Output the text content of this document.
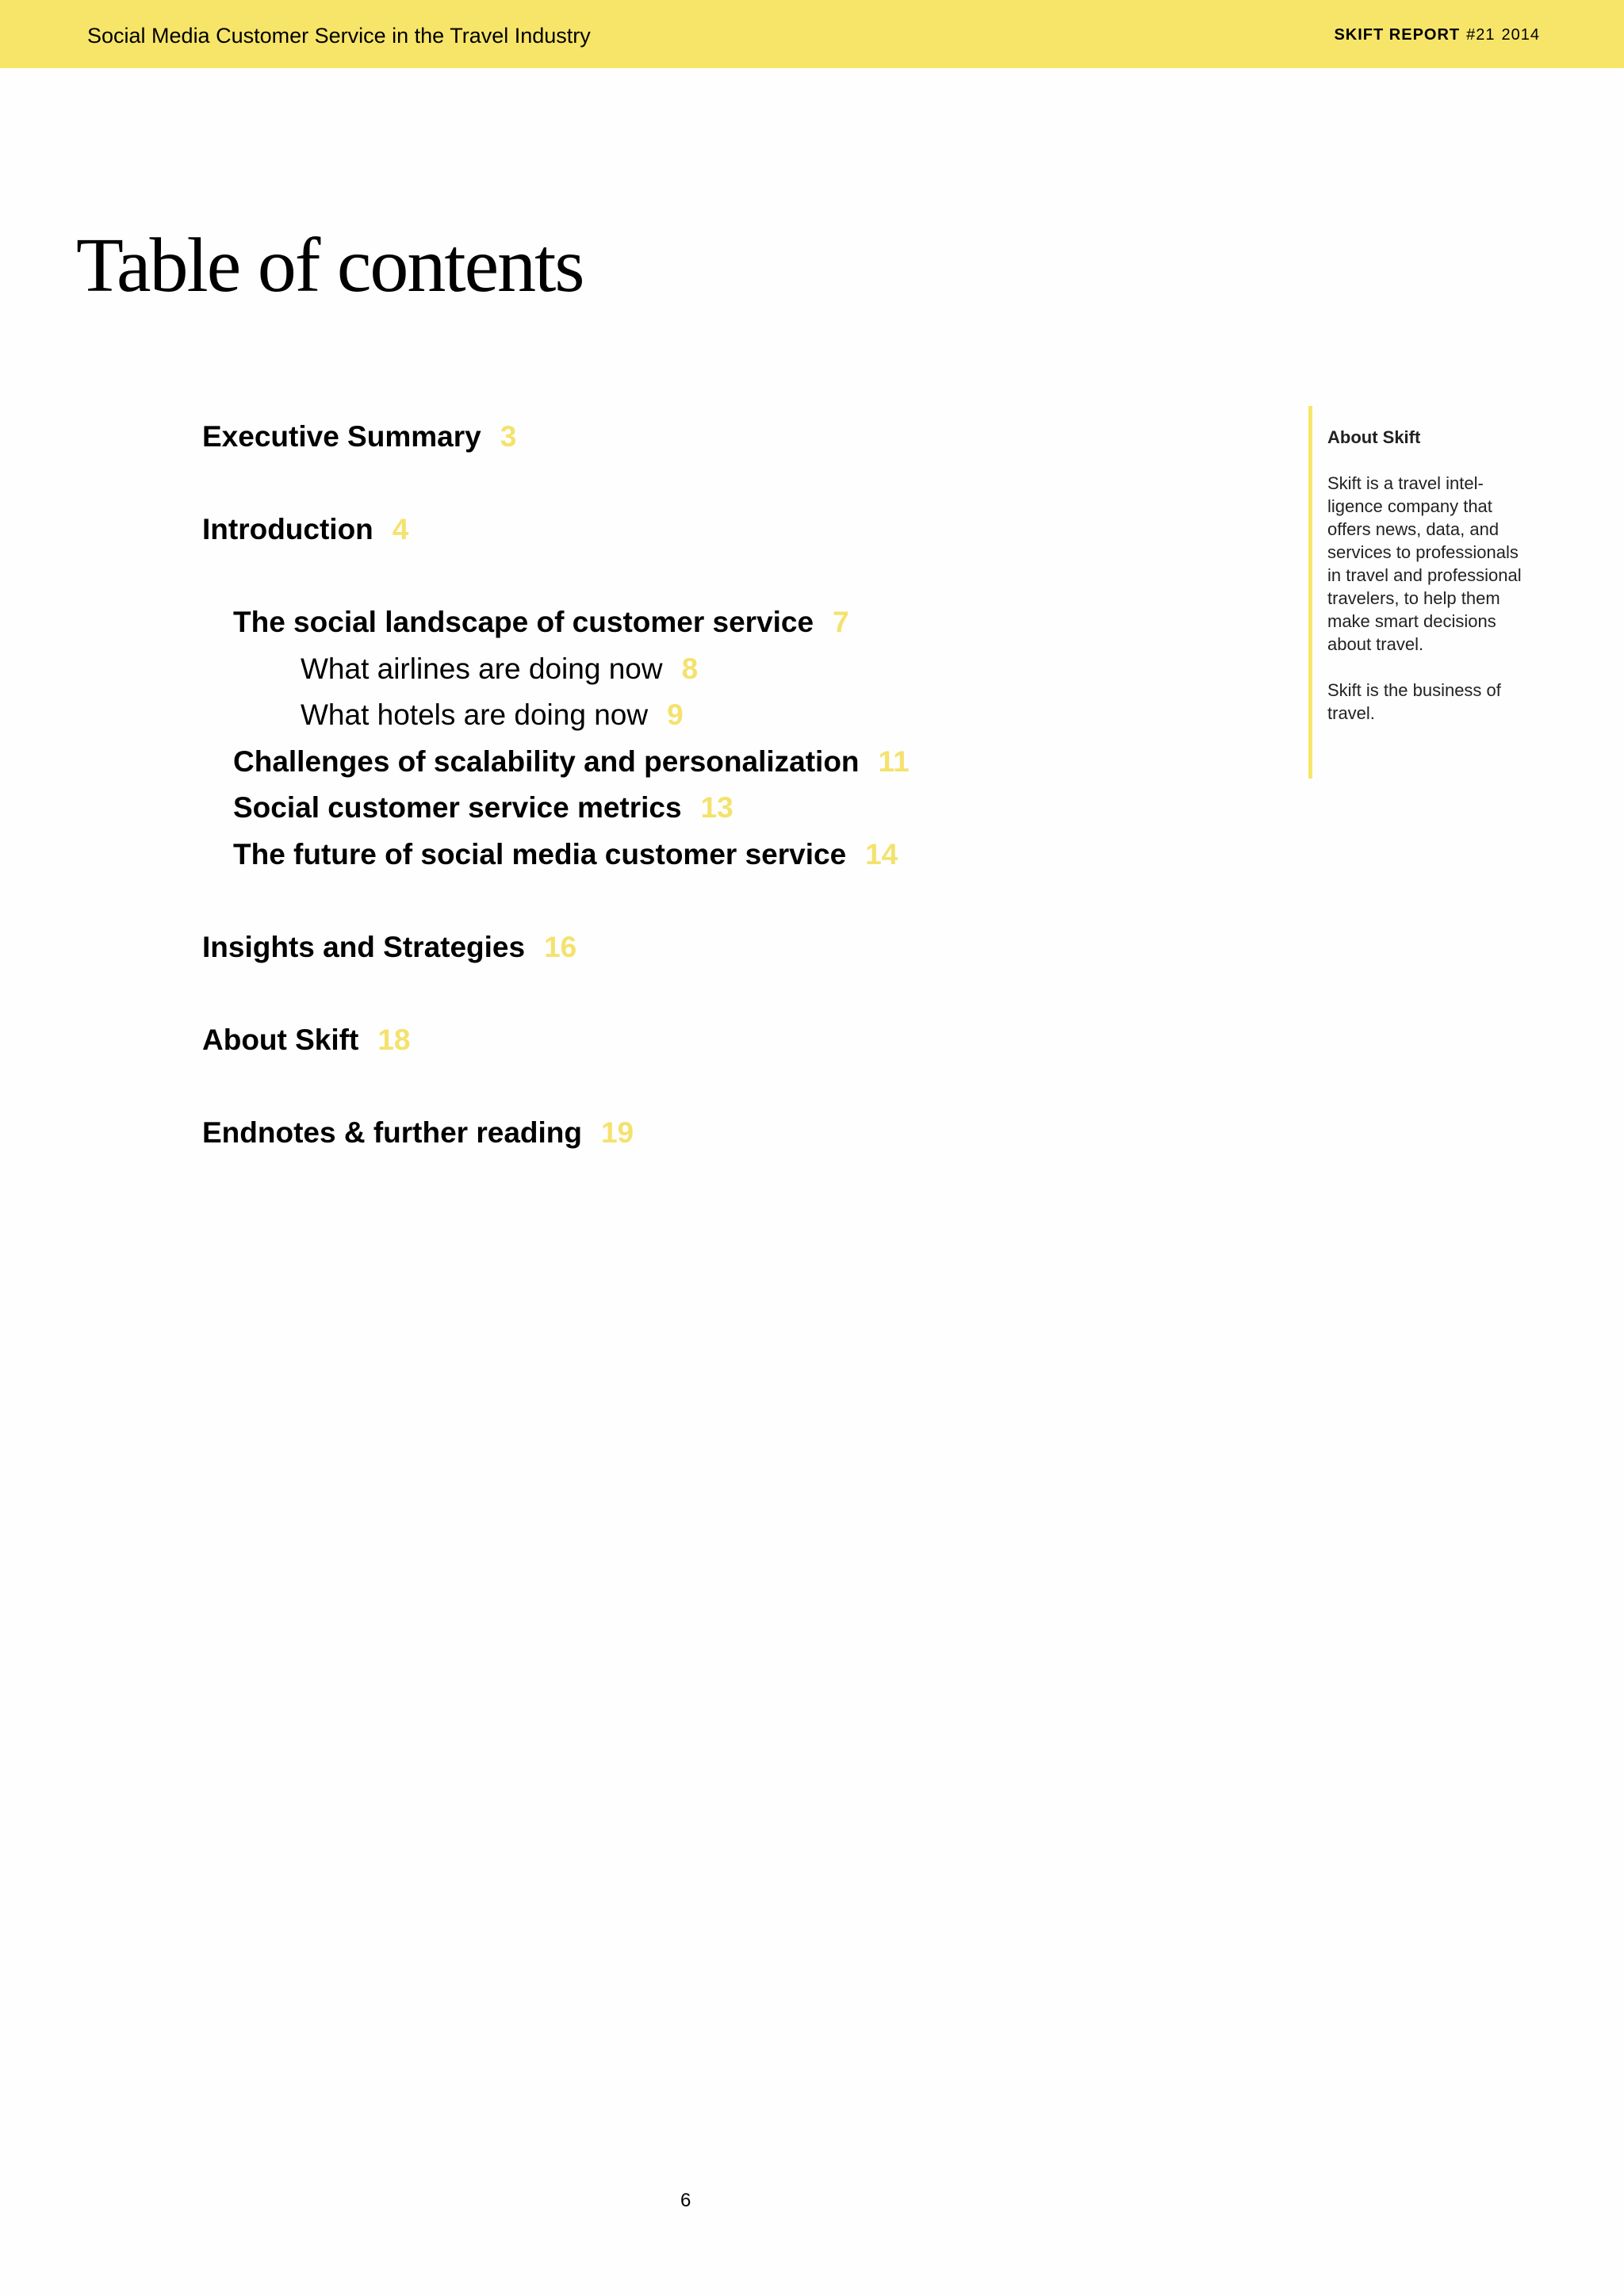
Social Media Customer Service in the Travel Industry	SKIFT REPORT #21 2014
Table of contents
Executive Summary 3
Introduction 4
The social landscape of customer service 7
What airlines are doing now 8
What hotels are doing now 9
Challenges of scalability and personalization 11
Social customer service metrics 13
The future of social media customer service 14
Insights and Strategies 16
About Skift 18
Endnotes & further reading 19
About Skift
Skift is a travel intel-
ligence company that
offers news, data, and
services to professionals
in travel and professional
travelers, to help them
make smart decisions
about travel.
Skift is the business of
travel.
6
